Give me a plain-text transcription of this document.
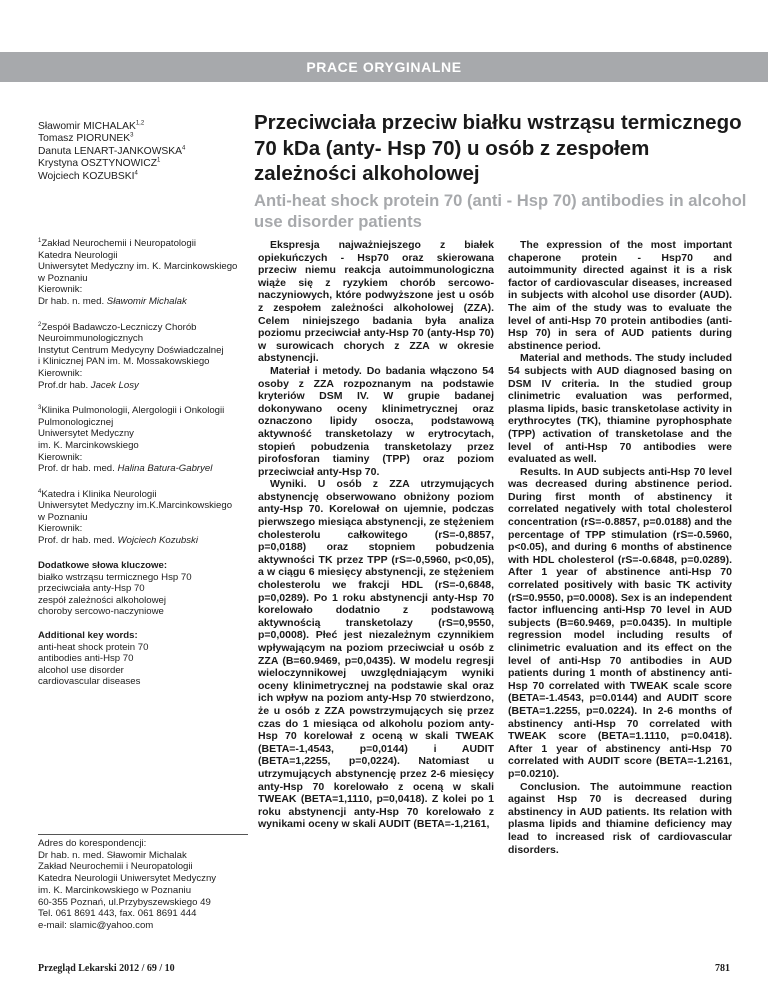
PRACE ORYGINALNE
Sławomir MICHALAK$^{1,2}$
Tomasz PIORUNEK$^3$
Danuta LENART-JANKOWSKA$^4$
Krystyna OSZTYNOWICZ$^1$
Wojciech KOZUBSKI$^4$
Przeciwciała przeciw białku wstrząsu termicznego 70 kDa (anty- Hsp 70) u osób z zespołem zależności alkoholowej
Anti-heat shock protein 70 (anti - Hsp 70) antibodies in alcohol use disorder patients
$^1$Zakład Neurochemii i Neuropatologii
Katedra Neurologii
Uniwersytet Medyczny im. K. Marcinkowskiego
w Poznaniu
Kierownik:
Dr hab. n. med. Sławomir Michalak
$^2$Zespół Badawczo-Leczniczy Chorób
Neuroimmunologicznych
Instytut Centrum Medycyny Doświadczalnej
i Klinicznej PAN im. M. Mossakowskiego
Kierownik:
Prof.dr hab. Jacek Losy
$^3$Klinika Pulmonologii, Alergologii i Onkologii
Pulmonologicznej
Uniwersytet Medyczny
im. K. Marcinkowskiego
Kierownik:
Prof. dr hab. med. Halina Batura-Gabryel
$^4$Katedra i Klinika Neurologii
Uniwersytet Medyczny im.K.Marcinkowskiego
w Poznaniu
Kierownik:
Prof. dr hab. med. Wojciech Kozubski
Dodatkowe słowa kluczowe:
białko wstrząsu termicznego Hsp 70
przeciwciała anty-Hsp 70
zespół zależności alkoholowej
choroby sercowo-naczyniowe
Additional key words:
anti-heat shock protein 70
antibodies anti-Hsp 70
alcohol use disorder
cardiovascular diseases
Adres do korespondencji:
Dr hab. n. med. Sławomir Michalak
Zakład Neurochemii i Neuropatologii
Katedra Neurologii Uniwersytet Medyczny
im. K. Marcinkowskiego w Poznaniu
60-355 Poznań, ul.Przybyszewskiego 49
Tel. 061 8691 443, fax. 061 8691 444
e-mail: slamic@yahoo.com

Ekspresja najważniejszego z białek opiekuńczych - Hsp70 oraz skierowana przeciw niemu reakcja autoimmunologiczna wiąże się z ryzykiem chorób sercowo-naczyniowych, które podwyższone jest u osób z zespołem zależności alkoholowej (ZZA). Celem niniejszego badania była analiza poziomu przeciwciał anty-Hsp 70 (anty-Hsp 70) w surowicach chorych z ZZA w okresie abstynencji.

Materiał i metody. Do badania włączono 54 osoby z ZZA rozpoznanym na podstawie kryteriów DSM IV. W grupie badanej dokonywano oceny klinimetrycznej oraz oznaczono lipidy osocza, podstawową aktywność transketolazy w erytrocytach, stopień pobudzenia transketolazy przez pirofosforan tiaminy (TPP) oraz poziom przeciwciał anty-Hsp 70.

Wyniki. U osób z ZZA utrzymujących abstynencję obserwowano obniżony poziom anty-Hsp 70. Korelował on ujemnie, podczas pierwszego miesiąca abstynencji, ze stężeniem cholesterolu całkowitego (rS=-0,8857, p=0,0188) oraz stopniem pobudzenia aktywności TK przez TPP (rS=-0,5960, p<0,05), a w ciągu 6 miesięcy abstynencji, ze stężeniem cholesterolu we frakcji HDL (rS=-0,6848, p=0,0289). Po 1 roku abstynencji anty-Hsp 70 korelowało dodatnio z podstawową aktywnością transketolazy (rS=0,9550, p=0,0008). Płeć jest niezależnym czynnikiem wpływającym na poziom przeciwciał u osób z ZZA (B=60.9469, p=0,0435). W modelu regresji wieloczynnikowej uwzględniającym wyniki oceny klinimetrycznej na podstawie skal oraz ich wpływ na poziom anty-Hsp 70 stwierdzono, że u osób z ZZA powstrzymujących się przez czas do 1 miesiąca od alkoholu poziom anty-Hsp 70 korelował z oceną w skali TWEAK (BETA=-1,4543, p=0,0144) i AUDIT (BETA=1,2255, p=0,0224). Natomiast u utrzymujących abstynencję przez 2-6 miesięcy anty-Hsp 70 korelowało z oceną w skali TWEAK (BETA=1,1110, p=0,0418). Z kolei po 1 roku abstynencji anty-Hsp 70 korelowało z wynikami oceny w skali AUDIT (BETA=-1,2161,

The expression of the most important chaperone protein - Hsp70 and autoimmunity directed against it is a risk factor of cardiovascular diseases, increased in subjects with alcohol use disorder (AUD). The aim of the study was to evaluate the level of anti-Hsp 70 protein antibodies (anti-Hsp 70) in sera of AUD patients during abstinence period.

Material and methods. The study included 54 subjects with AUD diagnosed basing on DSM IV criteria. In the studied group clinimetric evaluation was performed, plasma lipids, basic transketolase activity in erythrocytes (TK), thiamine pyrophosphate (TPP) activation of transketolase and the level of anti-Hsp 70 antibodies were evaluated as well.

Results. In AUD subjects anti-Hsp 70 level was decreased during abstinence period. During first month of abstinency it correlated negatively with total cholesterol concentration (rS=-0.8857, p=0.0188) and the percentage of TPP stimulation (rS=-0.5960, p<0.05), and during 6 months of abstinence with HDL cholesterol (rS=-0.6848, p=0.0289). After 1 year of abstinence anti-Hsp 70 correlated positively with basic TK activity (rS=0.9550, p=0.0008). Sex is an independent factor influencing anti-Hsp 70 level in AUD subjects (B=60.9469, p=0.0435). In multiple regression model including results of clinimetric evaluation and its effect on the level of anti-Hsp 70 antibodies in AUD patients during 1 month of abstinency anti-Hsp 70 correlated with TWEAK scale score (BETA=-1.4543, p=0.0144) and AUDIT score (BETA=1.2255, p=0.0224). In 2-6 months of abstinency anti-Hsp 70 correlated with TWEAK score (BETA=1.1110, p=0.0418). After 1 year of abstinency anti-Hsp 70 correlated with AUDIT score (BETA=-1.2161, p=0.0210).

Conclusion. The autoimmune reaction against Hsp 70 is decreased during abstinency in AUD patients. Its relation with plasma lipids and thiamine deficiency may lead to increased risk of cardiovascular disorders.

Przegląd Lekarski 2012 / 69 / 10	781
